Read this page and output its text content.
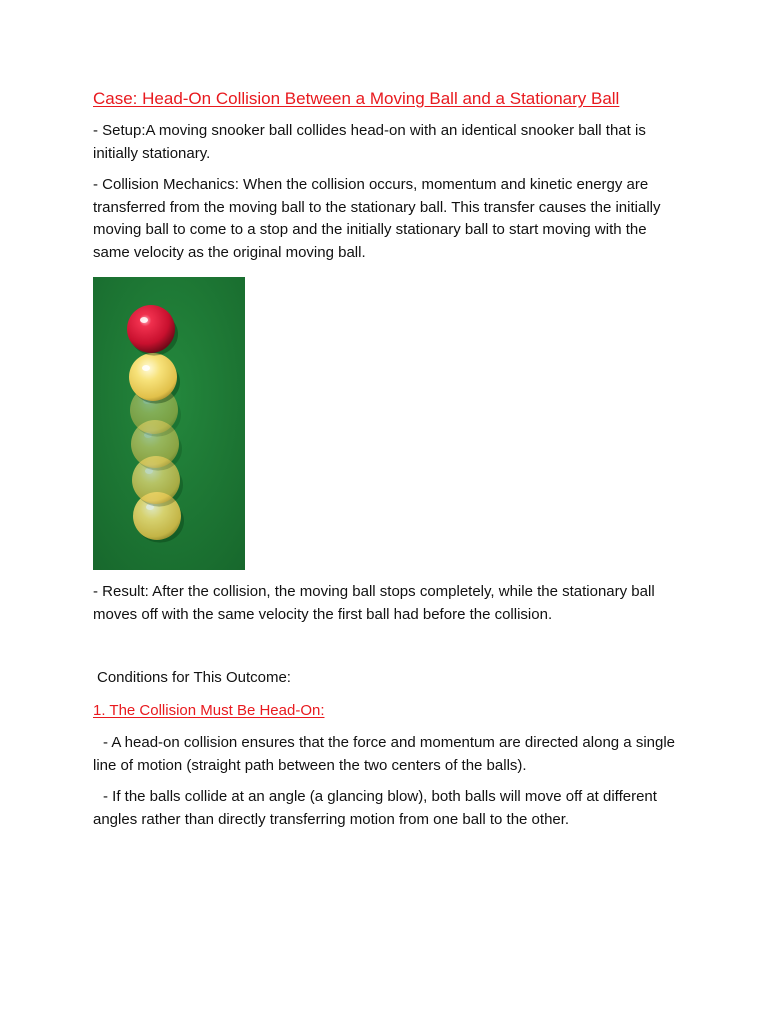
Case: Head-On Collision Between a Moving Ball and a Stationary Ball

- Setup:A moving snooker ball collides head-on with an identical snooker ball that is initially stationary.

- Collision Mechanics: When the collision occurs, momentum and kinetic energy are transferred from the moving ball to the stationary ball. This transfer causes the initially moving ball to come to a stop and the initially stationary ball to start moving with the same velocity as the original moving ball.

- Result: After the collision, the moving ball stops completely, while the stationary ball moves off with the same velocity the first ball had before the collision.

Conditions for This Outcome:

1. The Collision Must Be Head-On:

- A head-on collision ensures that the force and momentum are directed along a single line of motion (straight path between the two centers of the balls).

- If the balls collide at an angle (a glancing blow), both balls will move off at different angles rather than directly transferring motion from one ball to the other.
